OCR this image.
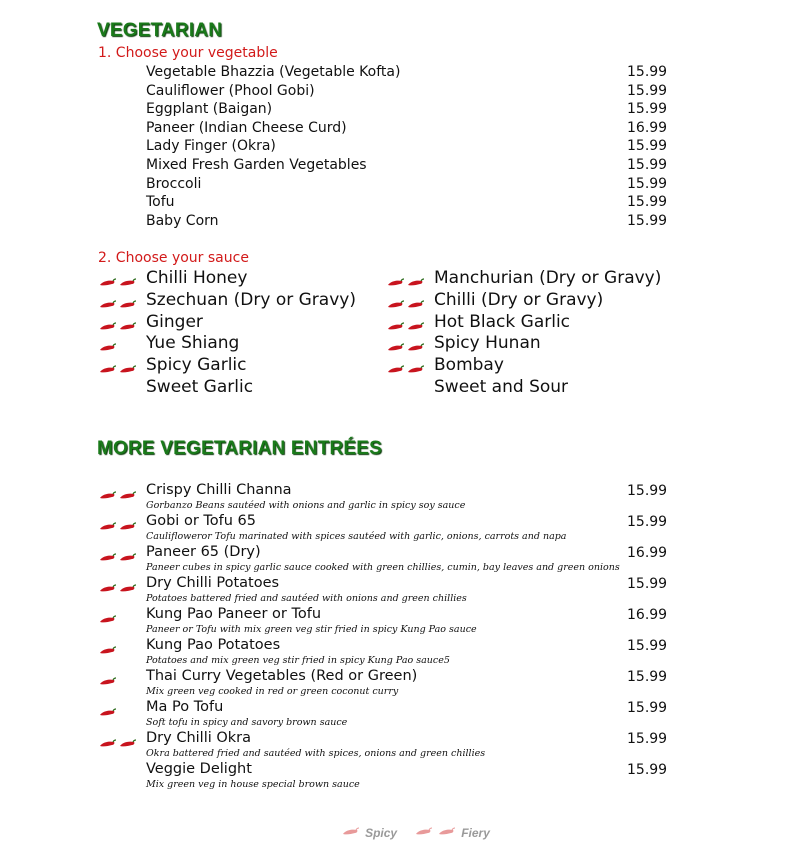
VEGETARIAN
1. Choose your vegetable
Vegetable Bhazzia (Vegetable Kofta)	15.99
Cauliflower (Phool Gobi)	15.99
Eggplant (Baigan)	15.99
Paneer (Indian Cheese Curd)	16.99
Lady Finger (Okra)	15.99
Mixed Fresh Garden Vegetables	15.99
Broccoli	15.99
Tofu	15.99
Baby Corn	15.99
2. Choose your sauce
Chilli Honey
Szechuan (Dry or Gravy)
Ginger
Yue Shiang
Spicy Garlic
Sweet Garlic
Manchurian (Dry or Gravy)
Chilli (Dry or Gravy)
Hot Black Garlic
Spicy Hunan
Bombay
Sweet and Sour
MORE VEGETARIAN ENTRÉES
Crispy Chilli Channa	15.99
Gorbanzo Beans sautéed with onions and garlic in spicy soy sauce
Gobi or Tofu 65	15.99
Caulifloweror Tofu marinated with spices sautéed with garlic, onions, carrots and napa
Paneer 65 (Dry)	16.99
Paneer cubes in spicy garlic sauce cooked with green chillies, cumin, bay leaves and green onions
Dry Chilli Potatoes	15.99
Potatoes battered fried and sautéed with onions and green chillies
Kung Pao Paneer or Tofu	16.99
Paneer or Tofu with mix green veg stir fried in spicy Kung Pao sauce
Kung Pao Potatoes	15.99
Potatoes and mix green veg stir fried in spicy Kung Pao sauce5
Thai Curry Vegetables (Red or Green)	15.99
Mix green veg cooked in red or green coconut curry
Ma Po Tofu	15.99
Soft tofu in spicy and savory brown sauce
Dry Chilli Okra	15.99
Okra battered fried and sautéed with spices, onions and green chillies
Veggie Delight	15.99
Mix green veg in house special brown sauce
Spicy	Fiery
